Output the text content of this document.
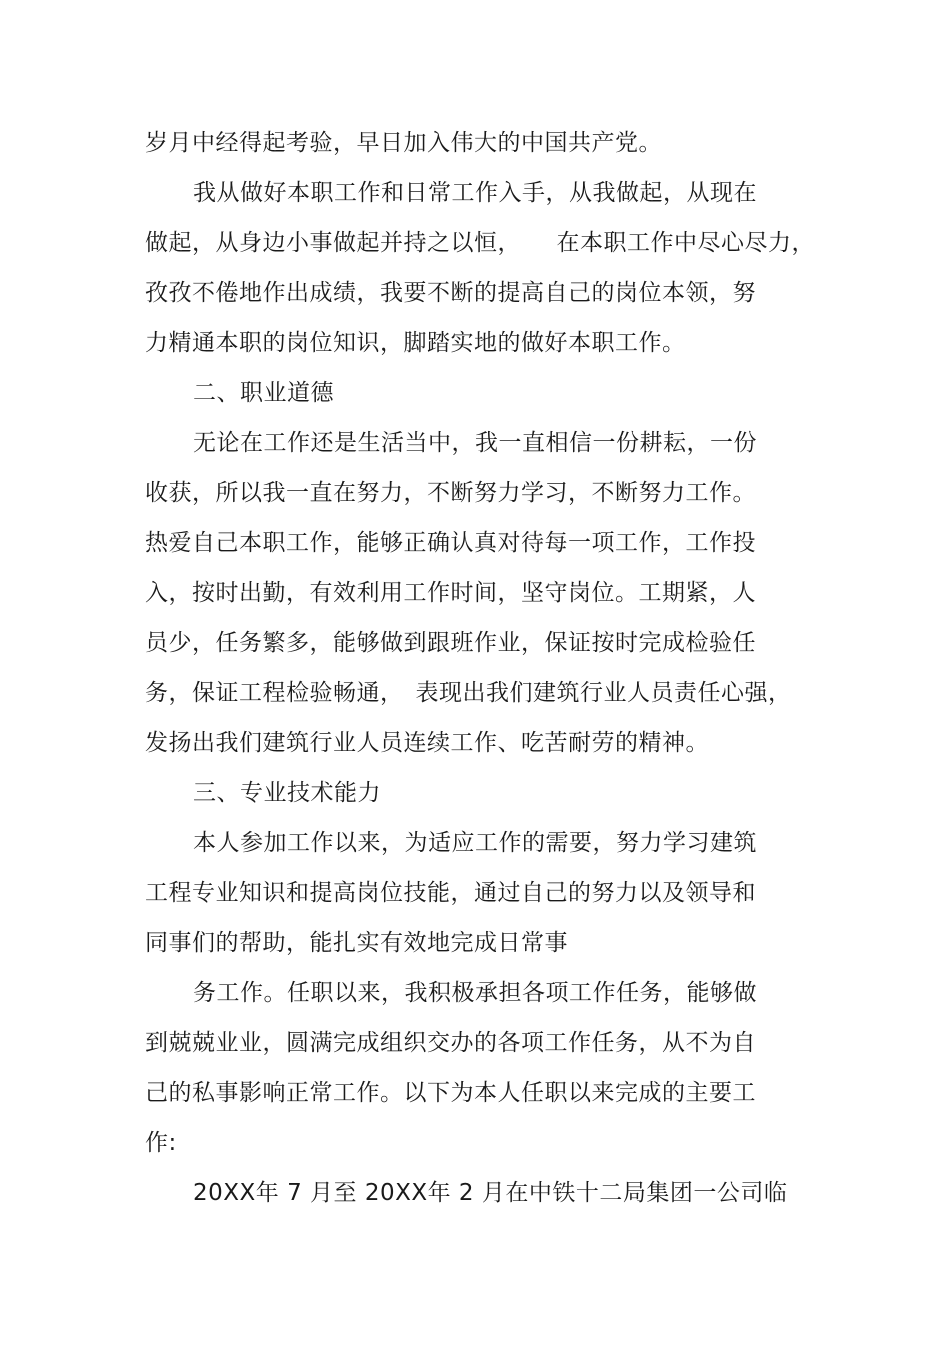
岁月中经得起考验，早日加入伟大的中国共产党。
我从做好本职工作和日常工作入手，从我做起，从现在
做起，从身边小事做起并持之以恒，　　在本职工作中尽心尽力，
孜孜不倦地作出成绩，我要不断的提高自己的岗位本领，努
力精通本职的岗位知识，脚踏实地的做好本职工作。
二、职业道德
无论在工作还是生活当中，我一直相信一份耕耘，一份
收获，所以我一直在努力，不断努力学习，不断努力工作。
热爱自己本职工作，能够正确认真对待每一项工作，工作投
入，按时出勤，有效利用工作时间，坚守岗位。工期紧，人
员少，任务繁多，能够做到跟班作业，保证按时完成检验任
务，保证工程检验畅通，　表现出我们建筑行业人员责任心强，
发扬出我们建筑行业人员连续工作、吃苦耐劳的精神。
三、专业技术能力
本人参加工作以来，为适应工作的需要，努力学习建筑
工程专业知识和提高岗位技能，通过自己的努力以及领导和
同事们的帮助，能扎实有效地完成日常事
务工作。任职以来，我积极承担各项工作任务，能够做
到兢兢业业，圆满完成组织交办的各项工作任务，从不为自
己的私事影响正常工作。以下为本人任职以来完成的主要工
作:
20XX年 7 月至 20XX年 2 月在中铁十二局集团一公司临
